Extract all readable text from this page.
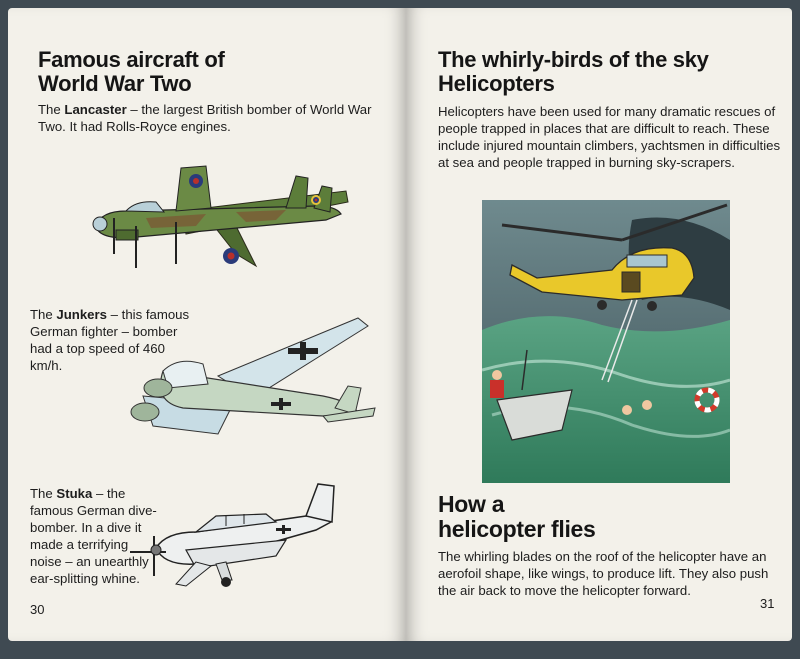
Famous aircraft of
World War Two

The Lancaster – the largest British bomber of World War Two. It had Rolls-Royce engines.

The Junkers – this famous German fighter – bomber had a top speed of 460 km/h.

The Stuka – the famous German dive-bomber. In a dive it made a terrifying noise – an unearthly ear-splitting whine.

30
The whirly-birds of the sky
Helicopters

Helicopters have been used for many dramatic rescues of people trapped in places that are difficult to reach. These include injured mountain climbers, yachtsmen in difficulties at sea and people trapped in burning sky-scrapers.

How a
helicopter flies

The whirling blades on the roof of the helicopter have an aerofoil shape, like wings, to produce lift. They also push the air back to move the helicopter forward.

31
